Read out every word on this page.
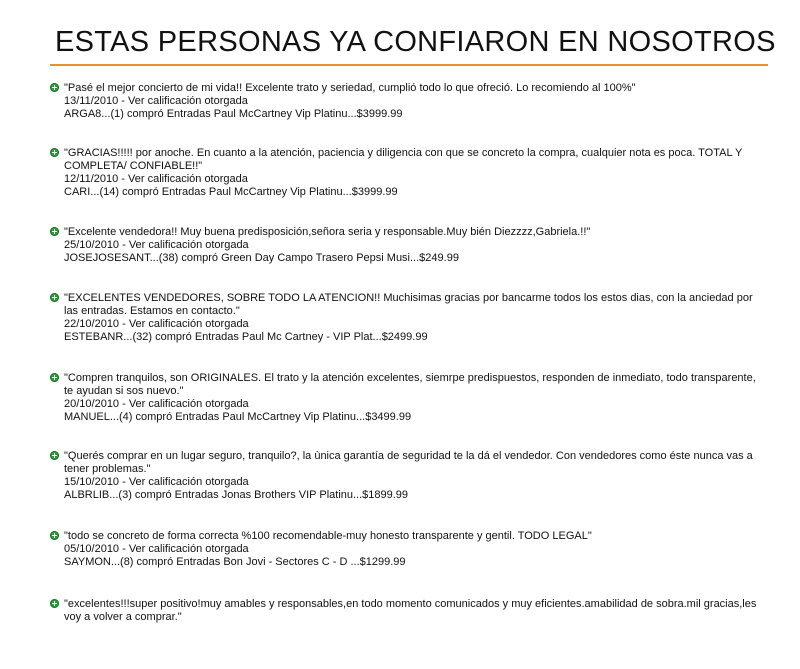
ESTAS PERSONAS YA CONFIARON EN NOSOTROS
"Pasé el mejor concierto de mi vida!! Excelente trato y seriedad, cumplió todo lo que ofreció. Lo recomiendo al 100%"
13/11/2010 - Ver calificación otorgada
ARGA8...(1) compró Entradas Paul McCartney Vip Platinu...$3999.99
"GRACIAS!!!!! por anoche. En cuanto a la atención, paciencia y diligencia con que se concreto la compra, cualquier nota es poca. TOTAL Y COMPLETA/ CONFIABLE!!"
12/11/2010 - Ver calificación otorgada
CARI...(14) compró Entradas Paul McCartney Vip Platinu...$3999.99
"Excelente vendedora!! Muy buena predisposición,señora seria y responsable.Muy bién Diezzzz,Gabriela.!!"
25/10/2010 - Ver calificación otorgada
JOSEJOSESANT...(38) compró Green Day Campo Trasero Pepsi Musi...$249.99
"EXCELENTES VENDEDORES, SOBRE TODO LA ATENCION!! Muchisimas gracias por bancarme todos los estos dias, con la anciedad por las entradas. Estamos en contacto."
22/10/2010 - Ver calificación otorgada
ESTEBANR...(32) compró Entradas Paul Mc Cartney - VIP Plat...$2499.99
"Compren tranquilos, son ORIGINALES. El trato y la atención excelentes, siemrpe predispuestos, responden de inmediato, todo transparente, te ayudan si sos nuevo."
20/10/2010 - Ver calificación otorgada
MANUEL...(4) compró Entradas Paul McCartney Vip Platinu...$3499.99
"Querés comprar en un lugar seguro, tranquilo?, la ùnica garantía de seguridad te la dá el vendedor. Con vendedores como éste nunca vas a tener problemas."
15/10/2010 - Ver calificación otorgada
ALBRLIB...(3) compró Entradas Jonas Brothers VIP Platinu...$1899.99
"todo se concreto de forma correcta %100 recomendable-muy honesto transparente y gentil. TODO LEGAL"
05/10/2010 - Ver calificación otorgada
SAYMON...(8) compró Entradas Bon Jovi - Sectores C - D ...$1299.99
"excelentes!!!super positivo!muy amables y responsables,en todo momento comunicados y muy eficientes.amabilidad de sobra.mil gracias,les voy a volver a comprar."
